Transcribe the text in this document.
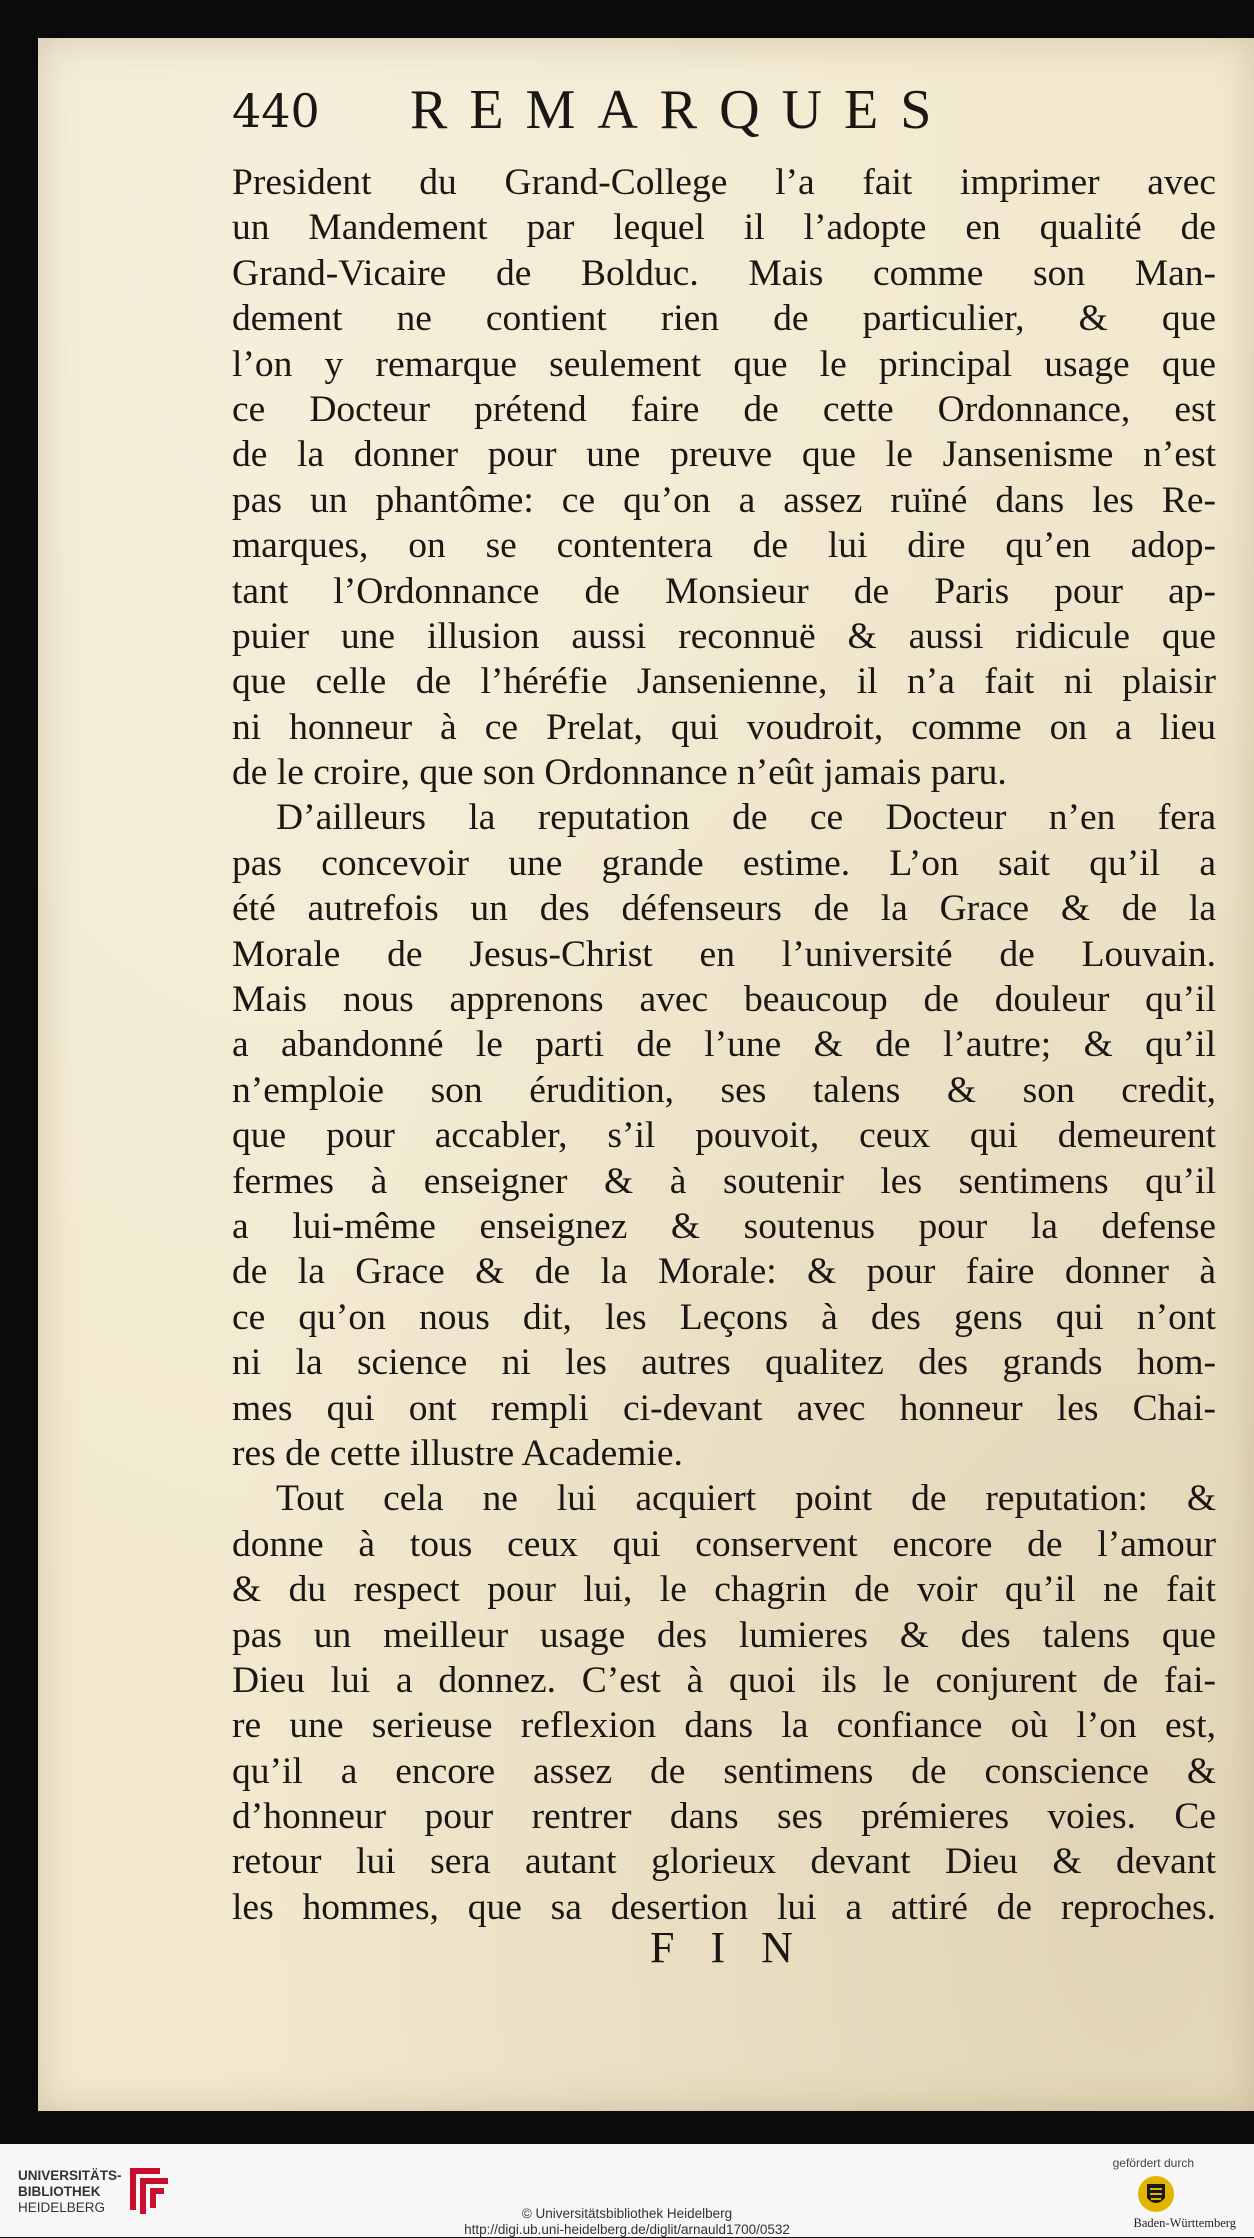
440 REMARQUES
President du Grand-College l’a fait imprimer avec
un Mandement par lequel il l’adopte en qualité de
Grand-Vicaire de Bolduc. Mais comme son Man-
dement ne contient rien de particulier, & que
l’on y remarque seulement que le principal usage que
ce Docteur prétend faire de cette Ordonnance, est
de la donner pour une preuve que le Jansenisme n’est
pas un phantôme: ce qu’on a assez ruïné dans les Re-
marques, on se contentera de lui dire qu’en adop-
tant l’Ordonnance de Monsieur de Paris pour ap-
puier une illusion aussi reconnuë & aussi ridicule que
que celle de l’héréfie Jansenienne, il n’a fait ni plaisir
ni honneur à ce Prelat, qui voudroit, comme on a lieu
de le croire, que son Ordonnance n’eût jamais paru.
D’ailleurs la reputation de ce Docteur n’en fera
pas concevoir une grande estime. L’on sait qu’il a
été autrefois un des défenseurs de la Grace & de la
Morale de Jesus-Christ en l’université de Louvain.
Mais nous apprenons avec beaucoup de douleur qu’il
a abandonné le parti de l’une & de l’autre; & qu’il
n’emploie son érudition, ses talens & son credit,
que pour accabler, s’il pouvoit, ceux qui demeurent
fermes à enseigner & à soutenir les sentimens qu’il
a lui-même enseignez & soutenus pour la defense
de la Grace & de la Morale: & pour faire donner à
ce qu’on nous dit, les Leçons à des gens qui n’ont
ni la science ni les autres qualitez des grands hom-
mes qui ont rempli ci-devant avec honneur les Chai-
res de cette illustre Academie.
Tout cela ne lui acquiert point de reputation: &
donne à tous ceux qui conservent encore de l’amour
& du respect pour lui, le chagrin de voir qu’il ne fait
pas un meilleur usage des lumieres & des talens que
Dieu lui a donnez. C’est à quoi ils le conjurent de fai-
re une serieuse reflexion dans la confiance où l’on est,
qu’il a encore assez de sentimens de conscience &
d’honneur pour rentrer dans ses prémieres voies. Ce
retour lui sera autant glorieux devant Dieu & devant
les hommes, que sa desertion lui a attiré de reproches.
FIN
UNIVERSITÄTS-
BIBLIOTHEK
HEIDELBERG	© Universitätsbibliothek Heidelberg
http://digi.ub.uni-heidelberg.de/diglit/arnauld1700/0532
gefördert durch
Baden-Württemberg
